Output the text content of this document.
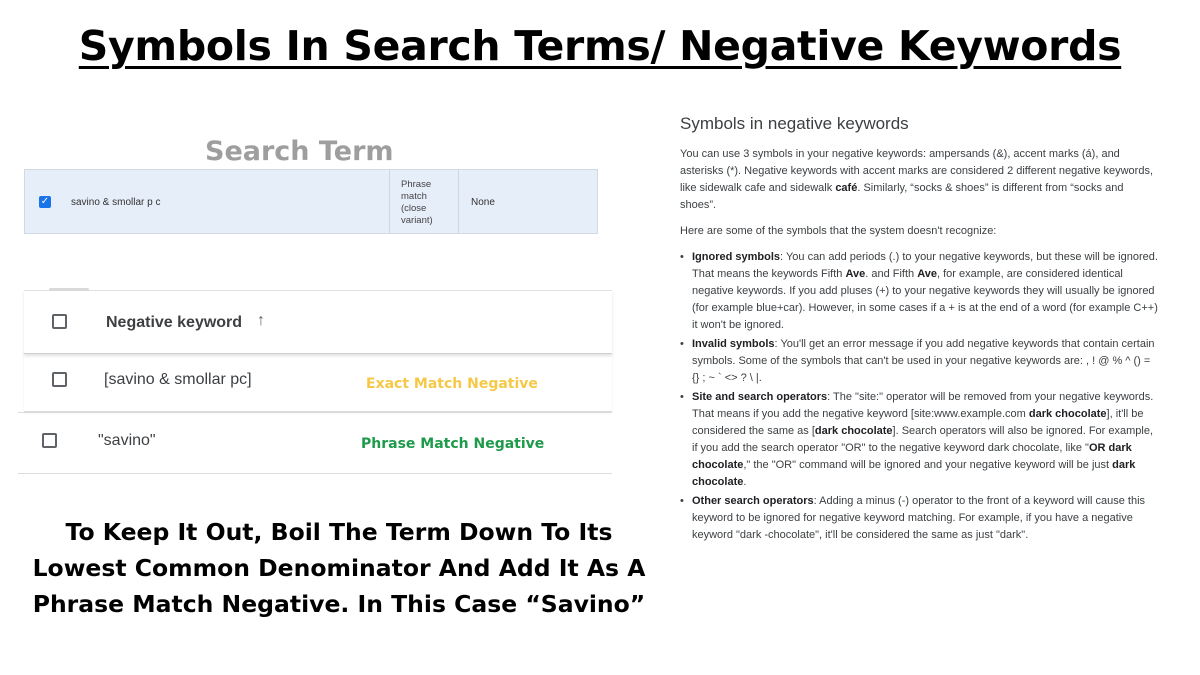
Symbols In Search Terms/ Negative Keywords
Search Term
✓ savino & smollar p c
Phrase match (close variant)
None
Negative keyword ↑
[savino & smollar pc]	Exact Match Negative
"savino"	Phrase Match Negative
To Keep It Out, Boil The Term Down To Its
Lowest Common Denominator And Add It As A
Phrase Match Negative. In This Case “Savino”
Symbols in negative keywords

You can use 3 symbols in your negative keywords: ampersands (&), accent marks (á), and asterisks (*). Negative keywords with accent marks are considered 2 different negative keywords, like sidewalk cafe and sidewalk café. Similarly, “socks & shoes” is different from “socks and shoes”.

Here are some of the symbols that the system doesn't recognize:

• Ignored symbols: You can add periods (.) to your negative keywords, but these will be ignored. That means the keywords Fifth Ave. and Fifth Ave, for example, are considered identical negative keywords. If you add pluses (+) to your negative keywords they will usually be ignored (for example blue+car). However, in some cases if a + is at the end of a word (for example C++) it won't be ignored.
• Invalid symbols: You'll get an error message if you add negative keywords that contain certain symbols. Some of the symbols that can't be used in your negative keywords are: , ! @ % ^ () = {} ; ~ ` <> ? \ |.
• Site and search operators: The "site:" operator will be removed from your negative keywords. That means if you add the negative keyword [site:www.example.com dark chocolate], it'll be considered the same as [dark chocolate]. Search operators will also be ignored. For example, if you add the search operator "OR" to the negative keyword dark chocolate, like "OR dark chocolate," the "OR" command will be ignored and your negative keyword will be just dark chocolate.
• Other search operators: Adding a minus (-) operator to the front of a keyword will cause this keyword to be ignored for negative keyword matching. For example, if you have a negative keyword "dark -chocolate", it'll be considered the same as just "dark".
